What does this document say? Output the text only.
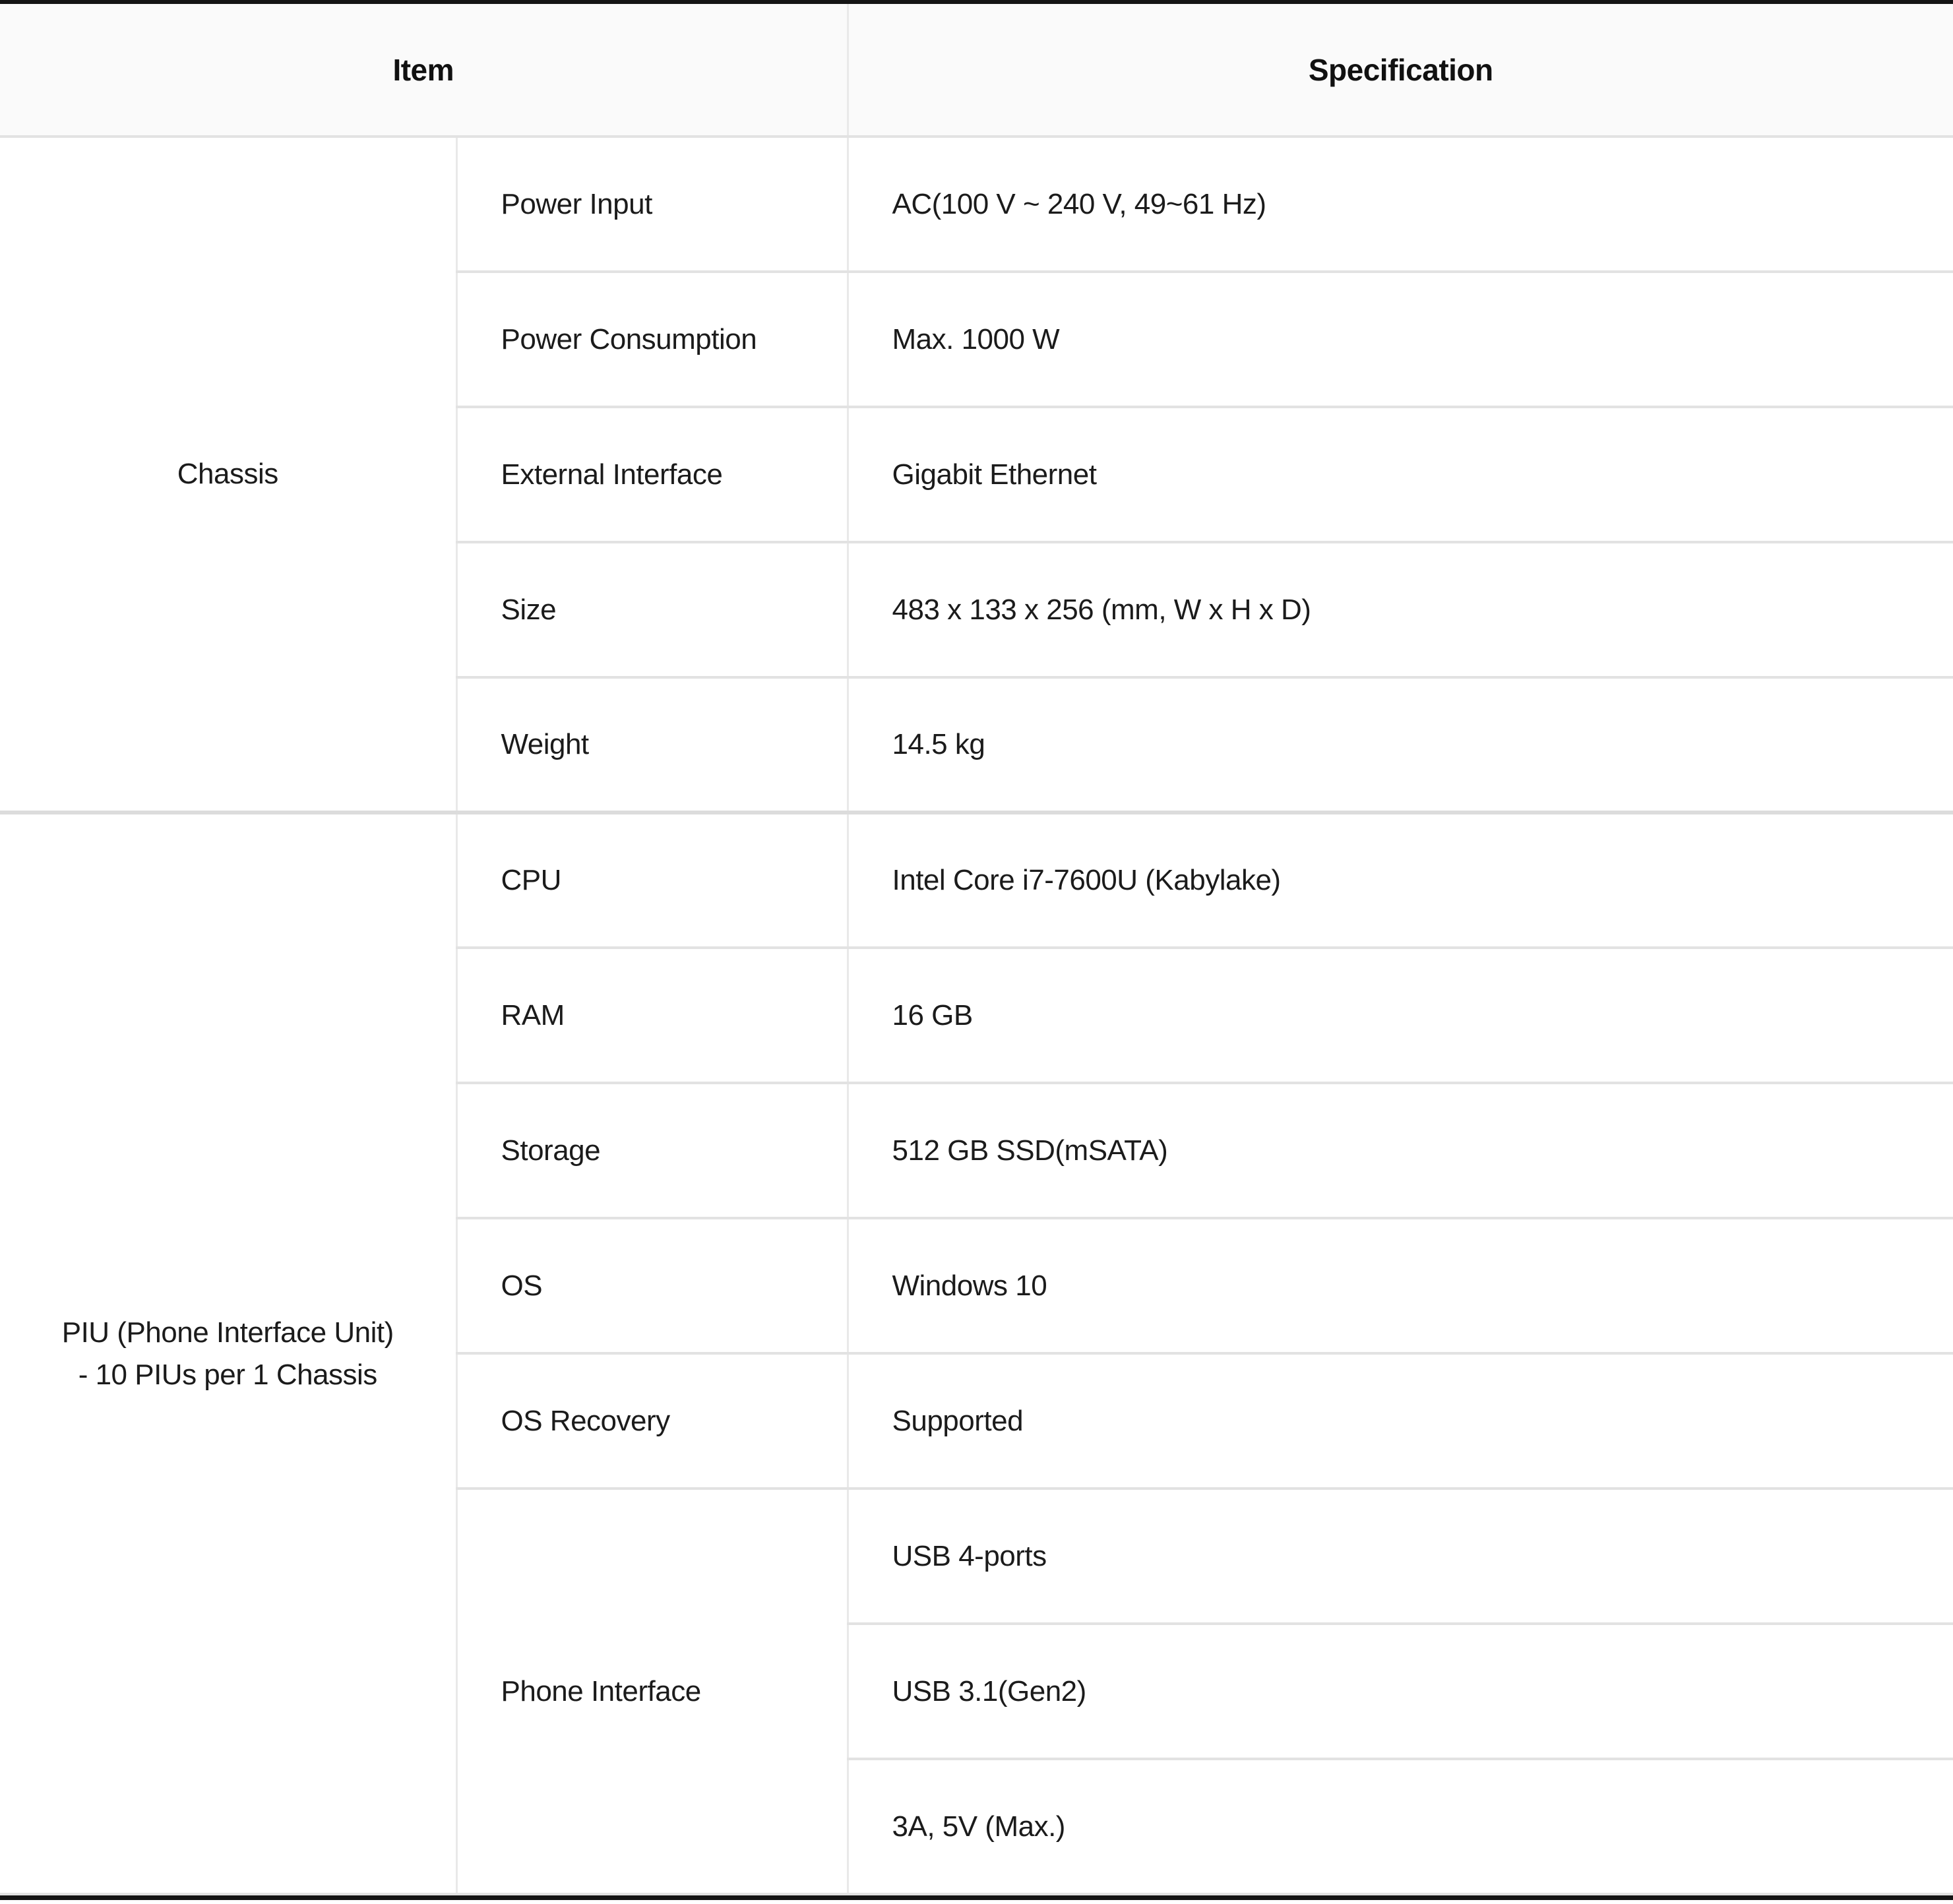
Item		Specification
Chassis	Power Input	AC(100 V ~ 240 V, 49~61 Hz)
	Power Consumption	Max. 1000 W
	External Interface	Gigabit Ethernet
	Size	483 x 133 x 256 (mm, W x H x D)
	Weight	14.5 kg

PIU (Phone Interface Unit)
- 10 PIUs per 1 Chassis	CPU	Intel Core i7-7600U (Kabylake)
	RAM	16 GB
	Storage	512 GB SSD(mSATA)
	OS	Windows 10
	OS Recovery	Supported
	Phone Interface	USB 4-ports
		USB 3.1(Gen2)
		3A, 5V (Max.)
